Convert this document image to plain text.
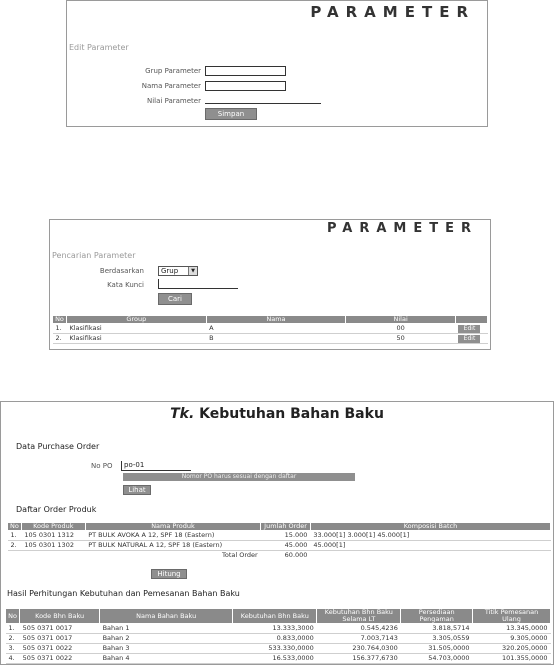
PARAMETER
Edit Parameter
Grup Parameter
Nama Parameter
Nilai Parameter
Simpan
PARAMETER
Pencarian Parameter
Berdasarkan	Grup	▼
Kata Kunci
Cari
No	Group	Nama	Nilai	
1.	Klasifikasi	A	00	Edit
2.	Klasifikasi	B	50	Edit
Tk. Kebutuhan Bahan Baku
Data Purchase Order
No PO	po-01
Nomor PO harus sesuai dengan daftar
Lihat
Daftar Order Produk
No	Kode Produk	Nama Produk	Jumlah Order	Komposisi Batch
1.	105 0301 1312	PT BULK AVOKA A 12, SPF 18 (Eastern)	15.000	33.000[1] 3.000[1] 45.000[1]
2.	105 0301 1302	PT BULK NATURAL A 12, SPF 18 (Eastern)	45.000	45.000[1]
		Total Order	60.000	
Hitung
Hasil Perhitungan Kebutuhan dan Pemesanan Bahan Baku
No	Kode Bhn Baku	Nama Bahan Baku	Kebutuhan Bhn Baku	Kebutuhan Bhn Baku Selama LT	Persediaan Pengaman	Titik Pemesanan Ulang
1.	505 0371 0017	Bahan 1	13.333,3000	0.545,4236	3.818,5714	13.345,0000
2.	505 0371 0017	Bahan 2	0.833,0000	7.003,7143	3.305,0559	9.305,0000
3.	505 0371 0022	Bahan 3	533.330,0000	230.764,0300	31.505,0000	320.205,0000
4.	505 0371 0022	Bahan 4	16.533,0000	156.377,6730	54.703,0000	101.355,0000
